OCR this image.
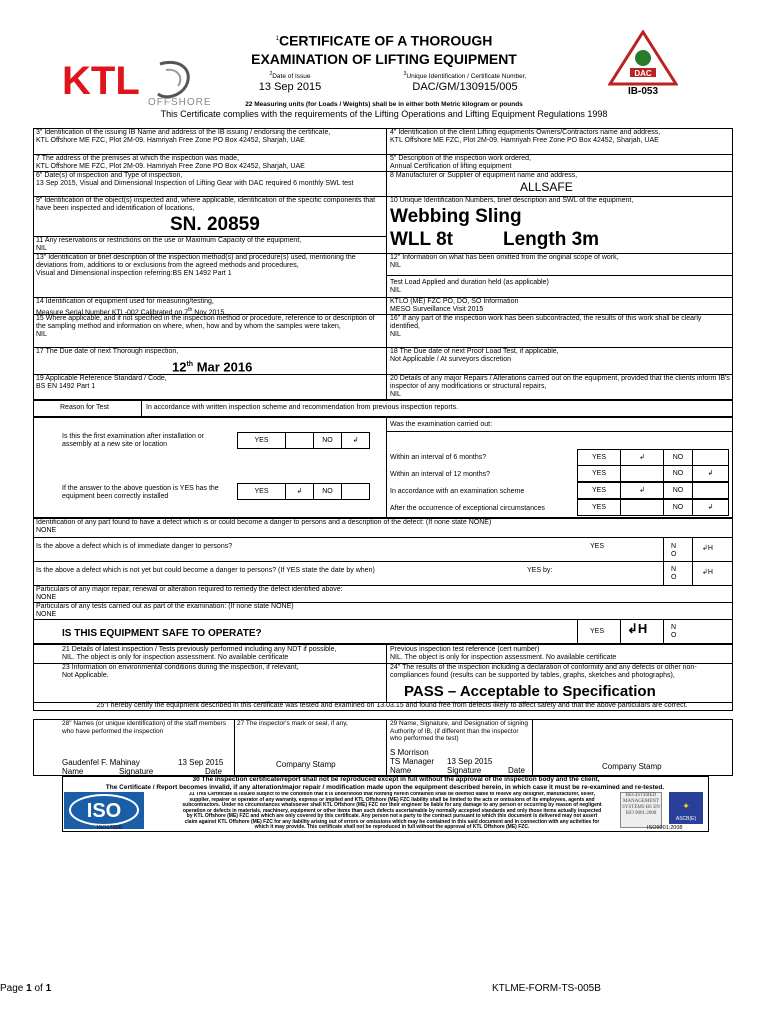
KTL OFFSHORE
$^1$CERTIFICATE OF A THOROUGH
EXAMINATION OF LIFTING EQUIPMENT
$^2$Date of Issue
13 Sep 2015
$^3$Unique Identification / Certificate Number,
DAC/GM/130915/005
DAC
IB-053
22 Measuring units (for Loads / Weights) shall be in either both Metric kilogram or pounds
This Certificate complies with the requirements of the Lifting Operations and Lifting Equipment Regulations 1998
3" Identification of the issuing IB Name and address of the IB issuing / endorsing the certificate,
KTL Offshore ME FZC, Plot 2M-09. Hamriyah Free Zone PO Box 42452, Sharjah, UAE
7 The address of the premises at which the inspection was made,
KTL Offshore ME FZC, Plot 2M-09. Hamriyah Free Zone PO Box 42452, Sharjah, UAE
6" Date(s) of inspection and Type of inspection,
13 Sep 2015, Visual and Dimensional Inspection of Lifting Gear with DAC required 6 monthly SWL test
9" Identification of the object(s) inspected and, where applicable, identification of the specific components that have been inspected and identification of locations,
SN. 20859
11 Any reservations or restrictions on the use or Maximum Capacity of the equipment,
NIL
13" Identification or brief description of the inspection method(s) and procedure(s) used, mentioning the deviations from, additions to or exclusions from the agreed methods and procedures,
Visual and Dimensional inspection referring:BS EN 1492 Part 1
14 Identification of equipment used for measuring/testing,
Measure Serial Number KTL-002 Calibrated on 7th Nov 2015
15 Where applicable, and if not specified in the inspection method or procedure, reference to or description of the sampling method and information on where, when, how and by whom the samples were taken,
NIL
17 The Due date of next Thorough inspection,
12th Mar 2016
19 Applicable Reference Standard / Code,
BS EN 1492 Part 1
4" Identification of the client Lifting equipments Owners/Contractors name and address,
KTL Offshore ME FZC, Plot 2M-09. Hamriyah Free Zone PO Box 42452, Sharjah, UAE
5" Description of the inspection work ordered,
Annual Certification of lifting equipment
8 Manufacturer or Supplier of equipment name and address,
ALLSAFE
10 Unique Identification Numbers, brief description and SWL of the equipment,
Webbing Sling
WLL 8t	Length 3m
12" Information on what has been omitted from the original scope of work,
NIL
Test Load Applied and duration held (as applicable)
NIL
KTLO (ME) FZC PO, DO, SO Information
MESO Surveillance Visit 2015
16" If any part of the inspection work has been subcontracted, the results of this work shall be clearly identified,
NIL
18 The Due date of next Proof Load Test, if applicable,
Not Applicable / At surveyors discretion
20 Details of any major Repairs / Alterations carried out on the equipment, provided that the clients inform IB's inspector of any modifications or structural repairs,
NIL
Reason for Test	In accordance with written inspection scheme and recommendation from previous inspection reports.
Is this the first examination after installation or assembly at a new site or location
YES	NO	↲
If the answer to the above question is YES has the equipment been correctly installed
YES	↲	NO
Was the examination carried out:
Within an interval of 6 months?	YES	↲	NO
Within an interval of 12 months?	YES	NO	↲
In accordance with an examination scheme	YES	↲	NO
After the occurrence of exceptional circumstances	YES	NO	↲
Identification of any part found to have a defect which is or could become a danger to persons and a description of the defect: (If none state NONE)
NONE
Is the above a defect which is of immediate danger to persons?	YES	NO
↲H
Is the above a defect which is not yet but could become a danger to persons? (If YES state the date by when)	YES by:	NO
↲H
Particulars of any major repair, renewal or alteration required to remedy the defect identified above:
NONE
Particulars of any tests carried out as part of the examination: (If none state NONE)
NONE
IS THIS EQUIPMENT SAFE TO OPERATE?	YES ↲H	NO
21 Details of latest inspection / Tests previously performed including any NDT if possible,
NIL. The object is only for inspection assessment. No available certificate
Previous inspection test reference (cert number)
NIL. The object is only for inspection assessment. No available certificate
23 Information on environmental conditions during the inspection, if relevant,
Not Applicable.
24" The results of the inspection including a declaration of conformity and any defects or other non-compliances found (results can be supported by tables, graphs, sketches and photographs),
PASS – Acceptable to Specification
25"I hereby certify the equipment described in this certificate was tested and examined on 13.03.15 and found free from defects likely to affect safety and that the above particulars are correct.
28" Names (or unique identification) of the staff members who have performed the inspection
27 The inspector's mark or seal, if any,	29 Name, Signature, and Designation of signing Authority of IB, (if different than the inspector who performed the test)
Gaudenfel F. Mahinay	13 Sep 2015
Name	Signature	Date
Company Stamp
S Morrison
TS Manager 13 Sep 2015
Name	Signature	Date	Company Stamp
30 The inspection certificate/report shall not be reproduced except in full without the approval of the inspection body and the client,
The Certificate / Report becomes invalid, if any alteration/major repair / modification made upon the equipment described herein, in which case it must be re-examined and re-tested.
ISO
ISO17020
31 This Certificate is issued subject to the condition that it is understood that nothing herein contained shall be deemed liable to relieve any designer, manufacturer, seller, supplier, repairer or operator of any warranty, express or implied and KTL Offshore (ME) FZC liability shall be limited to the acts or omissions of its employees, agents and subcontractors. Under no circumstances whatsoever shall KTL Offshore (ME) FZC nor their engineer be liable for any damage to any person or occurring by reason of negligent operation or defects in materials, machinery, equipment or other items than such defects ascertainable by normally accepted standards and only those items actually inspected by KTL Offshore (ME) FZC and which are only covered by this certificate. Any person not a party to the contract pursuant to which this document is delivered may not assert claim against KTL Offshore (ME) FZC for any liability arising out of errors or omissions which may be contained in this said document and in connection with any activities for which it may provide. This certificate shall not be reproduced in full without the approval of KTL Offshore (ME) FZC.
REGISTERED MANAGEMENT SYSTEMS BS EN ISO 9001:2008
✦
ASCB(E)
ISO9001:2008
Page 1 of 1	KTLME-FORM-TS-005B
